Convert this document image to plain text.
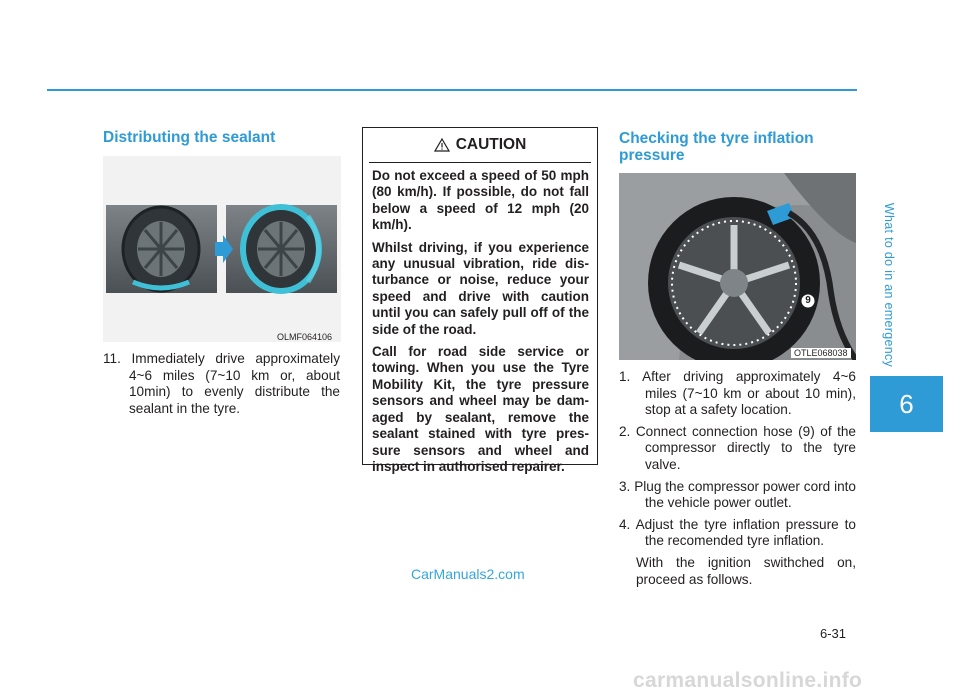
Distributing the sealant
OLMF064106

11. Immediately drive approximately 4~6 miles (7~10 km or, about 10min) to evenly distribute the sealant in the tyre.

CAUTION

Do not exceed a speed of 50 mph (80 km/h). If possible, do not fall below a speed of 12 mph (20 km/h).

Whilst driving, if you experience any unusual vibration, ride dis-turbance or noise, reduce your speed and drive with caution until you can safely pull off of the side of the road.

Call for road side service or towing. When you use the Tyre Mobility Kit, the tyre pressure sensors and wheel may be dam-aged by sealant, remove the sealant stained with tyre pres-sure sensors and wheel and inspect in authorised repairer.

Checking the tyre inflation pressure
9
OTLE068038

1. After driving approximately 4~6 miles (7~10 km or about 10 min), stop at a safety location.

2. Connect connection hose (9) of the compressor directly to the tyre valve.

3. Plug the compressor power cord into the vehicle power outlet.

4. Adjust the tyre inflation pressure to the recomended tyre inflation.

With the ignition swithched on, proceed as follows.

What to do in an emergency
6
6-31
CarManuals2.com
carmanualsonline.info
